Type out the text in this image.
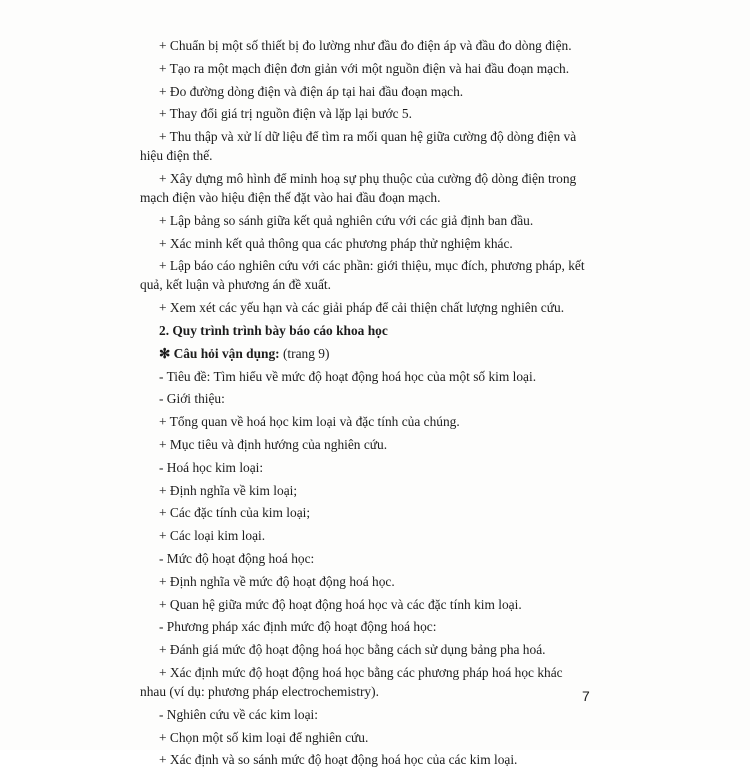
+ Chuẩn bị một số thiết bị đo lường như đầu đo điện áp và đầu đo dòng điện.
+ Tạo ra một mạch điện đơn giản với một nguồn điện và hai đầu đoạn mạch.
+ Đo đường dòng điện và điện áp tại hai đầu đoạn mạch.
+ Thay đổi giá trị nguồn điện và lặp lại bước 5.
+ Thu thập và xử lí dữ liệu để tìm ra mối quan hệ giữa cường độ dòng điện và
hiệu điện thế.
+ Xây dựng mô hình để minh hoạ sự phụ thuộc của cường độ dòng điện trong
mạch điện vào hiệu điện thế đặt vào hai đầu đoạn mạch.
+ Lập bảng so sánh giữa kết quả nghiên cứu với các giả định ban đầu.
+ Xác minh kết quả thông qua các phương pháp thử nghiệm khác.
+ Lập báo cáo nghiên cứu với các phần: giới thiệu, mục đích, phương pháp, kết
quả, kết luận và phương án đề xuất.
+ Xem xét các yếu hạn và các giải pháp để cải thiện chất lượng nghiên cứu.
2. Quy trình trình bày báo cáo khoa học
✻ Câu hỏi vận dụng: (trang 9)
- Tiêu đề: Tìm hiểu về mức độ hoạt động hoá học của một số kim loại.
- Giới thiệu:
+ Tổng quan về hoá học kim loại và đặc tính của chúng.
+ Mục tiêu và định hướng của nghiên cứu.
- Hoá học kim loại:
+ Định nghĩa về kim loại;
+ Các đặc tính của kim loại;
+ Các loại kim loại.
- Mức độ hoạt động hoá học:
+ Định nghĩa về mức độ hoạt động hoá học.
+ Quan hệ giữa mức độ hoạt động hoá học và các đặc tính kim loại.
- Phương pháp xác định mức độ hoạt động hoá học:
+ Đánh giá mức độ hoạt động hoá học bằng cách sử dụng bảng pha hoá.
+ Xác định mức độ hoạt động hoá học bằng các phương pháp hoá học khác
nhau (ví dụ: phương pháp electrochemistry).
- Nghiên cứu về các kim loại:
+ Chọn một số kim loại để nghiên cứu.
+ Xác định và so sánh mức độ hoạt động hoá học của các kim loại.
7
